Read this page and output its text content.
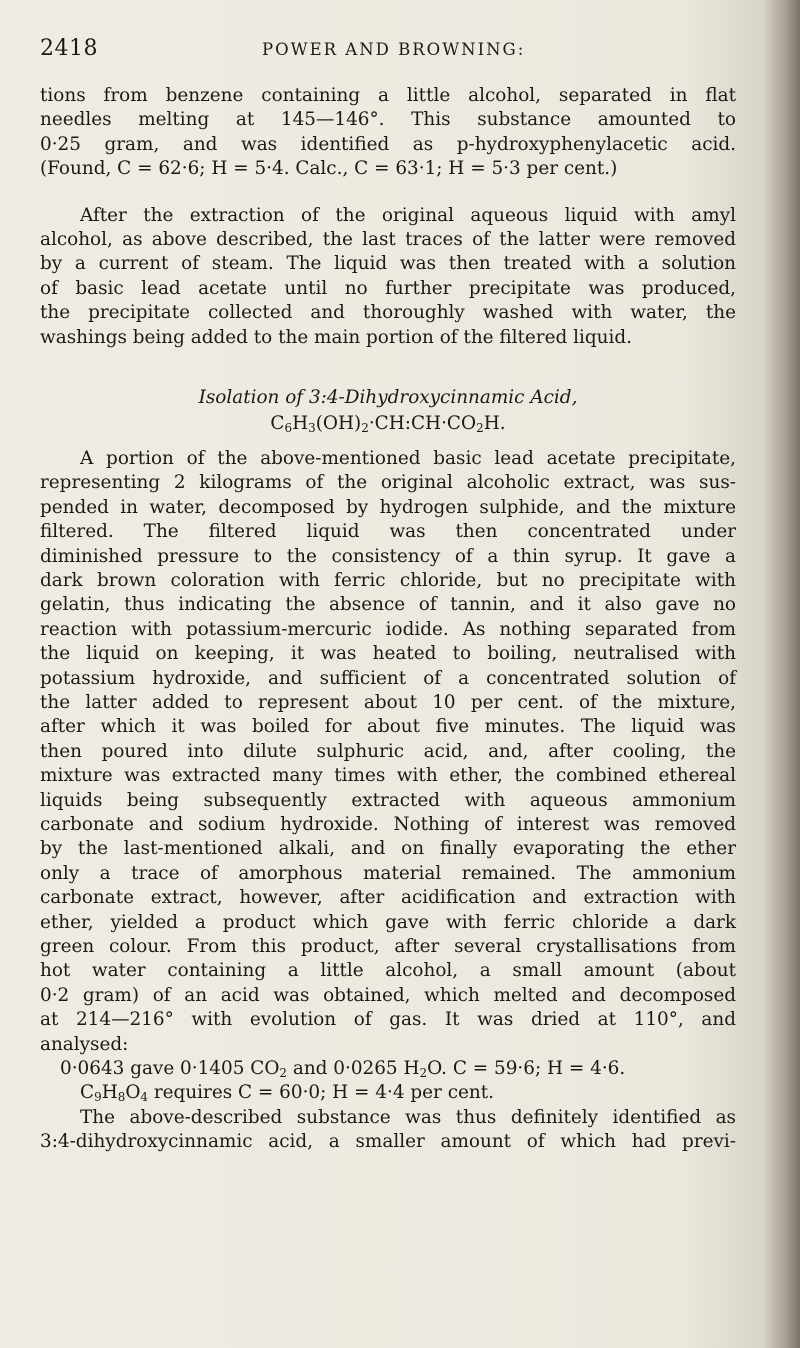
2418	POWER AND BROWNING:
tions from benzene containing a little alcohol, separated in flat
needles melting at 145—146°. This substance amounted to
0·25 gram, and was identified as p-hydroxyphenylacetic acid.
(Found, C = 62·6; H = 5·4. Calc., C = 63·1; H = 5·3 per cent.)
After the extraction of the original aqueous liquid with amyl
alcohol, as above described, the last traces of the latter were removed
by a current of steam. The liquid was then treated with a solution
of basic lead acetate until no further precipitate was produced,
the precipitate collected and thoroughly washed with water, the
washings being added to the main portion of the filtered liquid.
Isolation of 3:4-Dihydroxycinnamic Acid,
$C_6H_3(OH)_2\cdot CH:CH\cdot CO_2H$.
A portion of the above-mentioned basic lead acetate precipitate,
representing 2 kilograms of the original alcoholic extract, was sus-
pended in water, decomposed by hydrogen sulphide, and the mixture
filtered. The filtered liquid was then concentrated under
diminished pressure to the consistency of a thin syrup. It gave a
dark brown coloration with ferric chloride, but no precipitate with
gelatin, thus indicating the absence of tannin, and it also gave no
reaction with potassium-mercuric iodide. As nothing separated from
the liquid on keeping, it was heated to boiling, neutralised with
potassium hydroxide, and sufficient of a concentrated solution of
the latter added to represent about 10 per cent. of the mixture,
after which it was boiled for about five minutes. The liquid was
then poured into dilute sulphuric acid, and, after cooling, the
mixture was extracted many times with ether, the combined ethereal
liquids being subsequently extracted with aqueous ammonium
carbonate and sodium hydroxide. Nothing of interest was removed
by the last-mentioned alkali, and on finally evaporating the ether
only a trace of amorphous material remained. The ammonium
carbonate extract, however, after acidification and extraction with
ether, yielded a product which gave with ferric chloride a dark
green colour. From this product, after several crystallisations from
hot water containing a little alcohol, a small amount (about
0·2 gram) of an acid was obtained, which melted and decomposed
at 214—216° with evolution of gas. It was dried at 110°, and
analysed:
0·0643 gave 0·1405 $CO_2$ and 0·0265 $H_2O$. C = 59·6; H = 4·6.
$C_9H_8O_4$ requires C = 60·0; H = 4·4 per cent.
The above-described substance was thus definitely identified as
3:4-dihydroxycinnamic acid, a smaller amount of which had previ-
